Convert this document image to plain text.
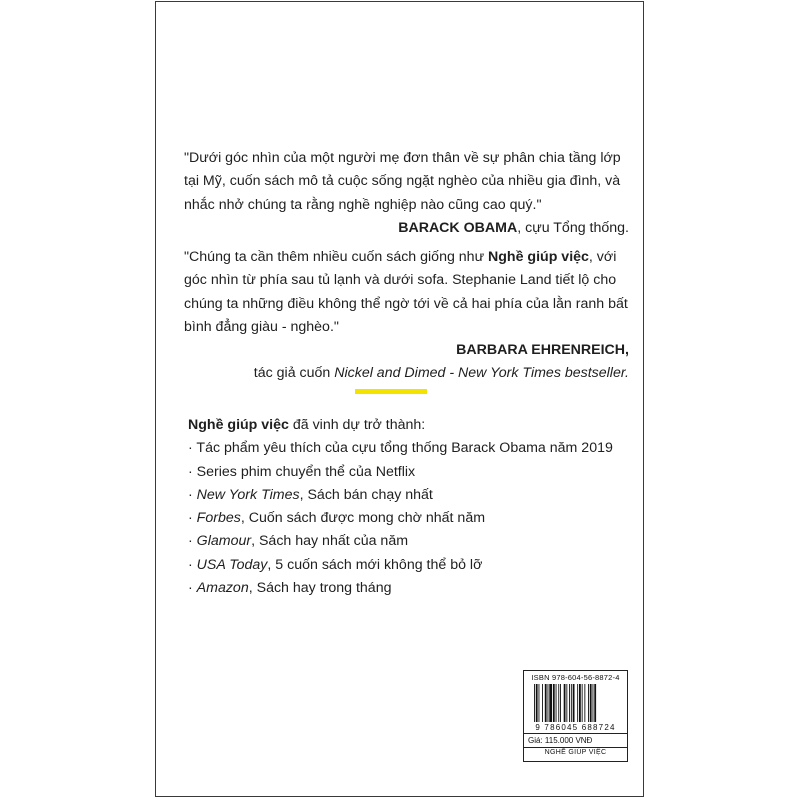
"Dưới góc nhìn của một người mẹ đơn thân về sự phân chia tầng lớp tại Mỹ, cuốn sách mô tả cuộc sống ngặt nghèo của nhiều gia đình, và nhắc nhở chúng ta rằng nghề nghiệp nào cũng cao quý."

BARACK OBAMA, cựu Tổng thống.

"Chúng ta cần thêm nhiều cuốn sách giống như Nghề giúp việc, với góc nhìn từ phía sau tủ lạnh và dưới sofa. Stephanie Land tiết lộ cho chúng ta những điều không thể ngờ tới về cả hai phía của lằn ranh bất bình đẳng giàu - nghèo."

BARBARA EHRENREICH,

tác giả cuốn Nickel and Dimed - New York Times bestseller.

Nghề giúp việc đã vinh dự trở thành:

· Tác phẩm yêu thích của cựu tổng thống Barack Obama năm 2019
· Series phim chuyển thể của Netflix
· New York Times, Sách bán chạy nhất
· Forbes, Cuốn sách được mong chờ nhất năm
· Glamour, Sách hay nhất của năm
· USA Today, 5 cuốn sách mới không thể bỏ lỡ
· Amazon, Sách hay trong tháng
ISBN 978-604-56-8872-4
9 786045 688724
Giá: 115.000 VNĐ
NGHỀ GIÚP VIỆC
